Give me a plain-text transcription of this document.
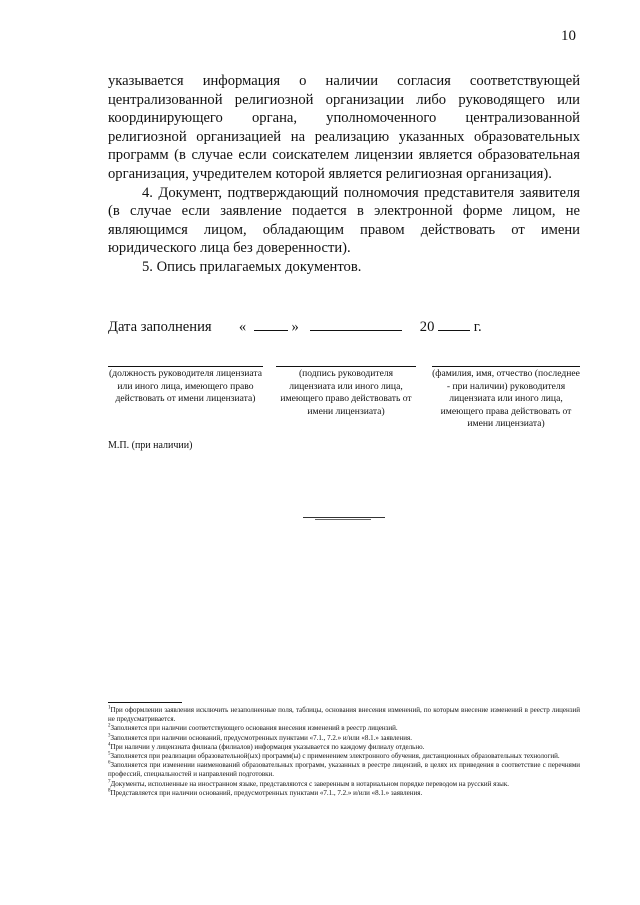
10

указывается информация о наличии согласия соответствующей централизованной религиозной организации либо руководящего или координирующего органа, уполномоченного централизованной религиозной организацией на реализацию указанных образовательных программ (в случае если соискателем лицензии является образовательная организация, учредителем которой является религиозная организация).

4. Документ, подтверждающий полномочия представителя заявителя (в случае если заявление подается в электронной форме лицом, не являющимся лицом, обладающим правом действовать от имени юридического лица без доверенности).

5. Опись прилагаемых документов.

Дата заполнения «	»	20	г.
(должность руководителя лицензиата или иного лица, имеющего право действовать от имени лицензиата)
(подпись руководителя лицензиата или иного лица, имеющего право действовать от имени лицензиата)
(фамилия, имя, отчество (последнее - при наличии) руководителя лицензиата или иного лица, имеющего права действовать от имени лицензиата)
М.П. (при наличии)

$^1$При оформлении заявления исключить незаполненные поля, таблицы, основания внесения изменений, по которым внесение изменений в реестр лицензий не предусматривается.

$^2$Заполняется при наличии соответствующего основания внесения изменений в реестр лицензий.

$^3$Заполняется при наличии оснований, предусмотренных пунктами «7.1., 7.2.» и/или «8.1.» заявления.

$^4$При наличии у лицензиата филиала (филиалов) информация указывается по каждому филиалу отдельно.

$^5$Заполняется при реализации образовательной(ых) программ(ы) с применением электронного обучения, дистанционных образовательных технологий.

$^6$Заполняется при изменении наименований образовательных программ, указанных в реестре лицензий, в целях их приведения в соответствие с перечнями профессий, специальностей и направлений подготовки.

$^7$Документы, исполненные на иностранном языке, представляются с заверенным в нотариальном порядке переводом на русский язык.

$^8$Представляется при наличии оснований, предусмотренных пунктами «7.1., 7.2.» и/или «8.1.» заявления.
